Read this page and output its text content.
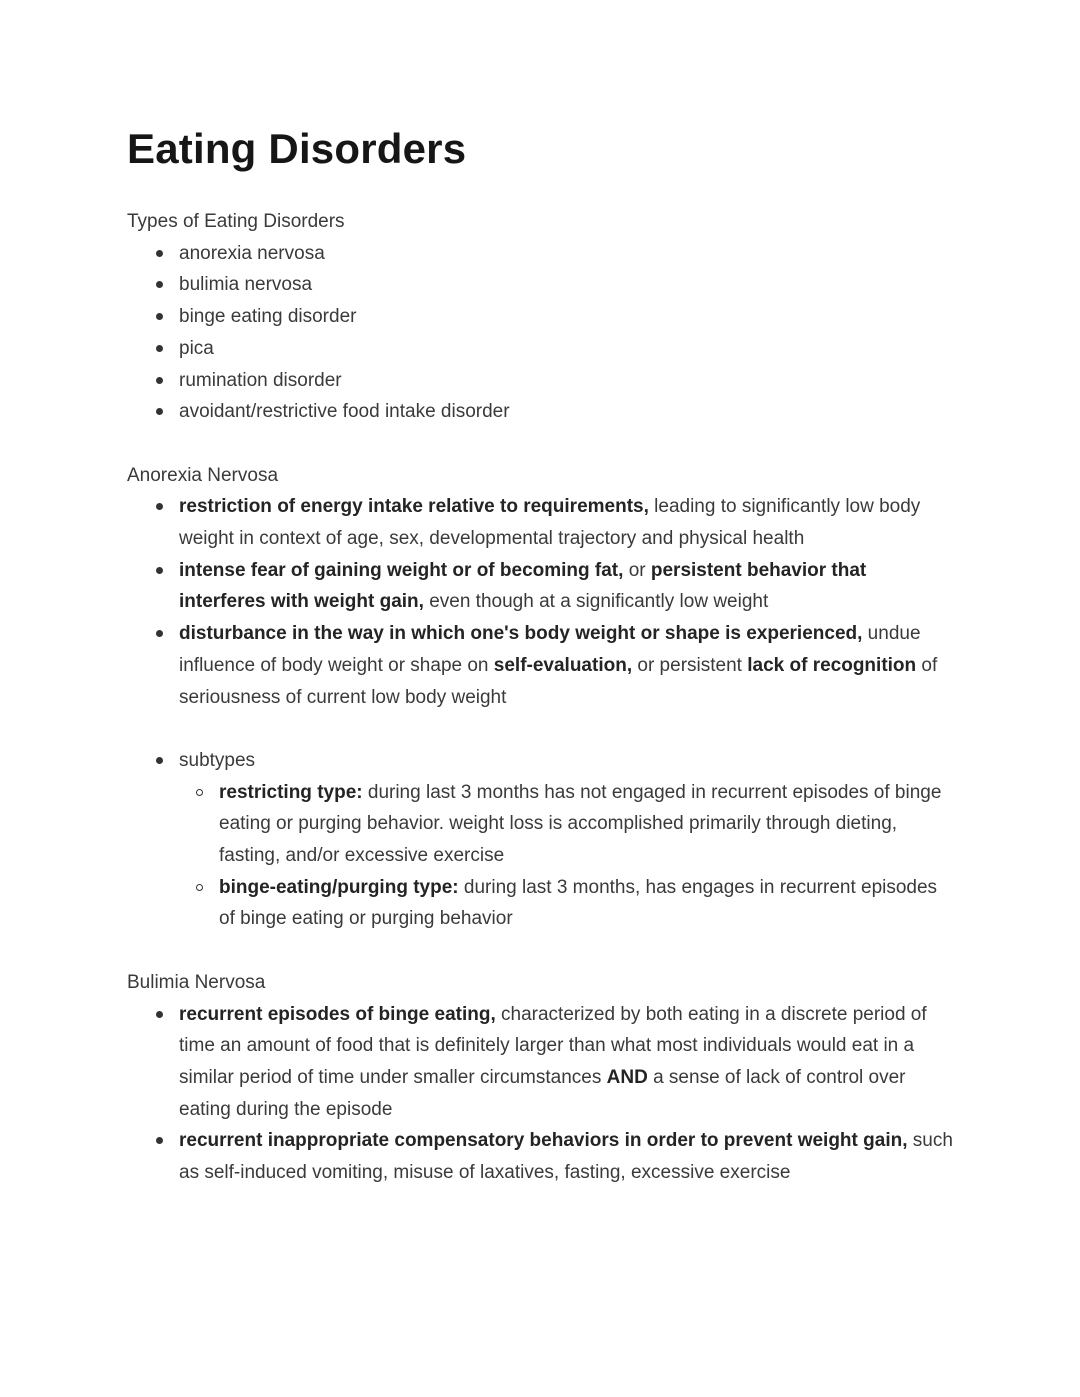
Eating Disorders

Types of Eating Disorders

anorexia nervosa
bulimia nervosa
binge eating disorder
pica
rumination disorder
avoidant/restrictive food intake disorder

Anorexia Nervosa

restriction of energy intake relative to requirements, leading to significantly low body weight in context of age, sex, developmental trajectory and physical health
intense fear of gaining weight or of becoming fat, or persistent behavior that interferes with weight gain, even though at a significantly low weight
disturbance in the way in which one's body weight or shape is experienced, undue influence of body weight or shape on self-evaluation, or persistent lack of recognition of seriousness of current low body weight
subtypes
restricting type: during last 3 months has not engaged in recurrent episodes of binge eating or purging behavior. weight loss is accomplished primarily through dieting, fasting, and/or excessive exercise
binge-eating/purging type: during last 3 months, has engages in recurrent episodes of binge eating or purging behavior

Bulimia Nervosa

recurrent episodes of binge eating, characterized by both eating in a discrete period of time an amount of food that is definitely larger than what most individuals would eat in a similar period of time under smaller circumstances AND a sense of lack of control over eating during the episode
recurrent inappropriate compensatory behaviors in order to prevent weight gain, such as self-induced vomiting, misuse of laxatives, fasting, excessive exercise
